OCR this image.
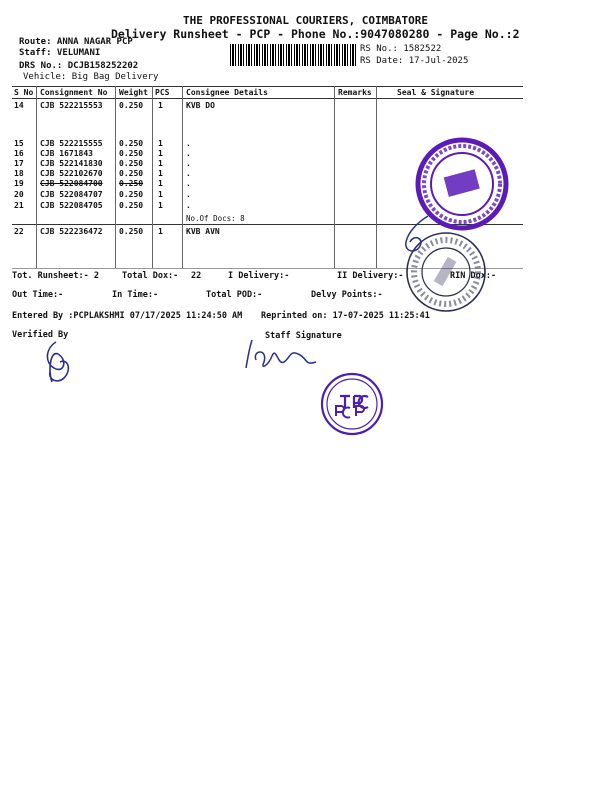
THE PROFESSIONAL COURIERS, COIMBATORE
Delivery Runsheet - PCP - Phone No.:9047080280 - Page No.:2
Route: ANNA NAGAR PCP
Staff: VELUMANI
DRS No.: DCJB158252202
Vehicle: Big Bag Delivery
RS No.: 1582522
RS Date: 17-Jul-2025
S No Consignment No Weight PCS Consignee Details	Remarks	Seal & Signature
14 CJB 522215553 0.250 1	KVB DO
15 CJB 522215555 0.250 1	.
16 CJB 1671843	0.250 1	.
17 CJB 522141830 0.250 1	.
18 CJB 522102670 0.250 1	.
19 CJB 522084700 0.250 1	.
20 CJB 522084707 0.250 1	.
21 CJB 522084705 0.250 1	.
No.Of Docs: 8
22 CJB 522236472 0.250 1	KVB AVN
Tot. Runsheet:- 2	Total Dox:- 22	I Delivery:-	II Delivery:-	RIN Dox:-
Out Time:-	In Time:-	Total POD:-	Delvy Points:-
Entered By :PCPLAKSHMI 07/17/2025 11:24:50 AM Reprinted on: 17-07-2025 11:25:41
Verified By	Staff Signature
